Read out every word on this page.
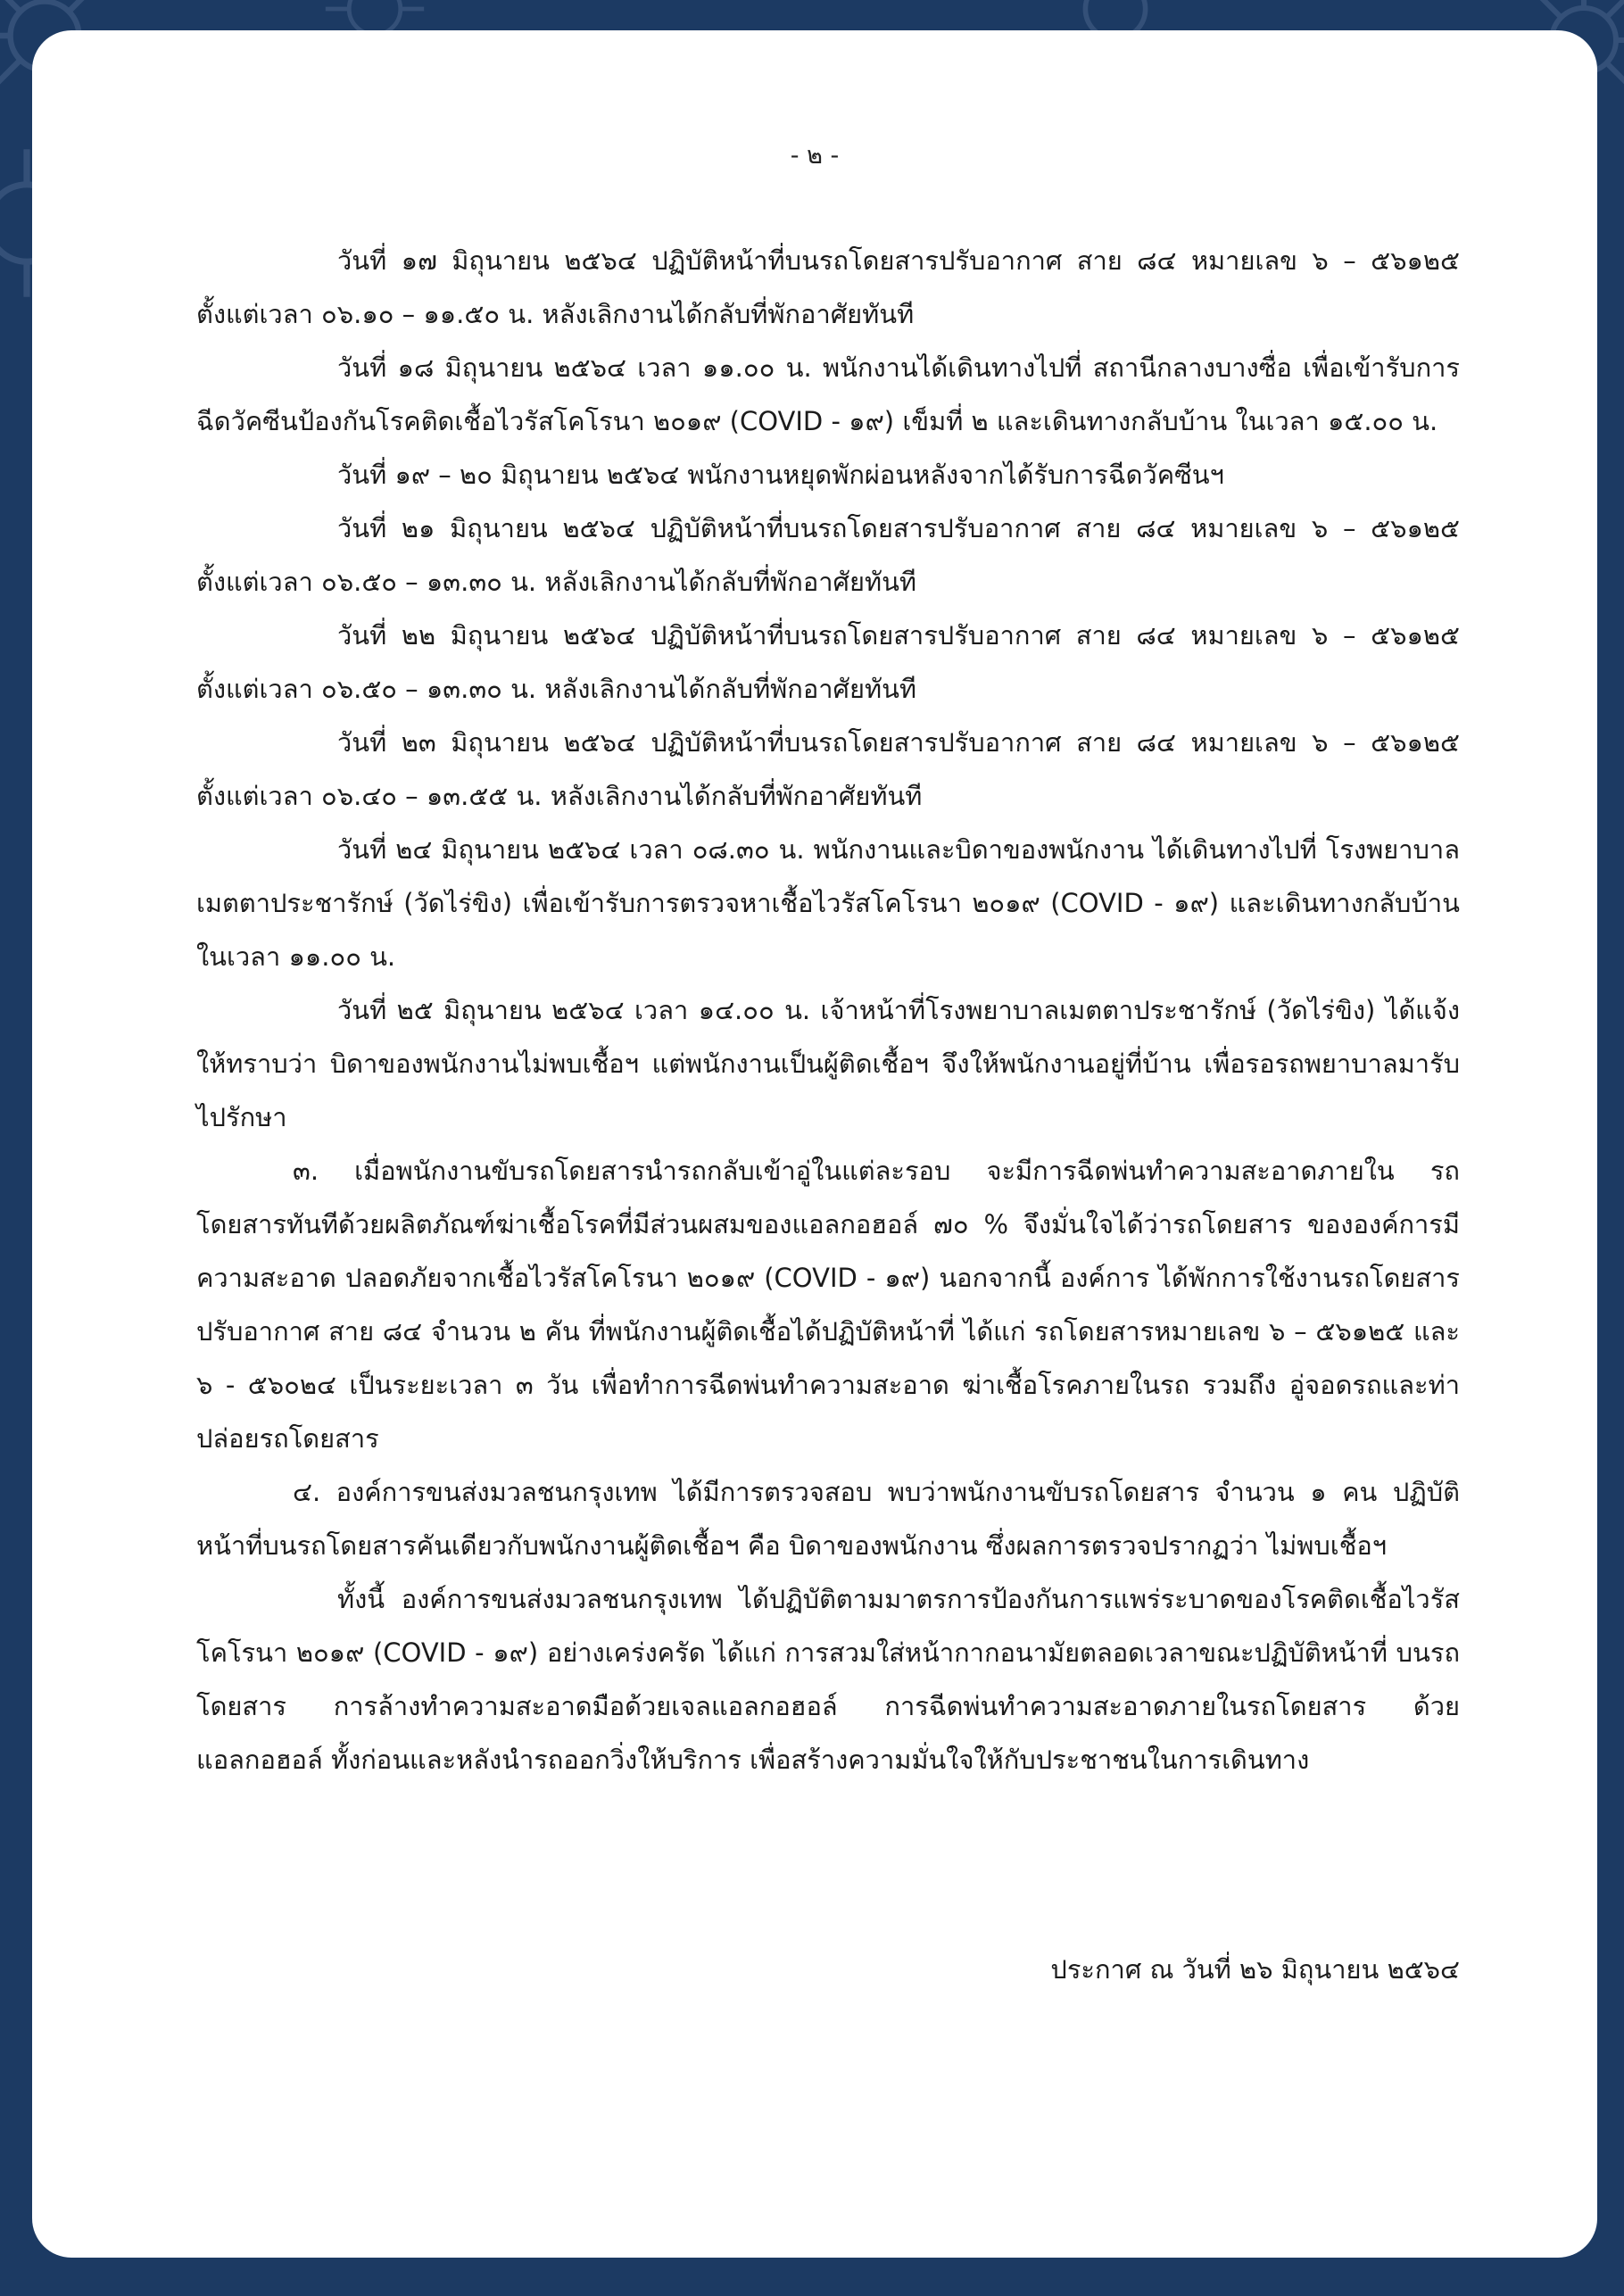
- ๒ -

วันที่ ๑๗ มิถุนายน ๒๕๖๔ ปฏิบัติหน้าที่บนรถโดยสารปรับอากาศ สาย ๘๔ หมายเลข ๖ – ๕๖๑๒๕ ตั้งแต่เวลา ๐๖.๑๐ – ๑๑.๕๐ น. หลังเลิกงานได้กลับที่พักอาศัยทันที

วันที่ ๑๘ มิถุนายน ๒๕๖๔ เวลา ๑๑.๐๐ น. พนักงานได้เดินทางไปที่ สถานีกลางบางซื่อ เพื่อเข้ารับการฉีดวัคซีนป้องกันโรคติดเชื้อไวรัสโคโรนา ๒๐๑๙ (COVID - ๑๙) เข็มที่ ๒ และเดินทางกลับบ้าน ในเวลา ๑๕.๐๐ น.

วันที่ ๑๙ – ๒๐ มิถุนายน ๒๕๖๔ พนักงานหยุดพักผ่อนหลังจากได้รับการฉีดวัคซีนฯ

วันที่ ๒๑ มิถุนายน ๒๕๖๔ ปฏิบัติหน้าที่บนรถโดยสารปรับอากาศ สาย ๘๔ หมายเลข ๖ – ๕๖๑๒๕ ตั้งแต่เวลา ๐๖.๕๐ – ๑๓.๓๐ น. หลังเลิกงานได้กลับที่พักอาศัยทันที

วันที่ ๒๒ มิถุนายน ๒๕๖๔ ปฏิบัติหน้าที่บนรถโดยสารปรับอากาศ สาย ๘๔ หมายเลข ๖ – ๕๖๑๒๕ ตั้งแต่เวลา ๐๖.๕๐ – ๑๓.๓๐ น. หลังเลิกงานได้กลับที่พักอาศัยทันที

วันที่ ๒๓ มิถุนายน ๒๕๖๔ ปฏิบัติหน้าที่บนรถโดยสารปรับอากาศ สาย ๘๔ หมายเลข ๖ – ๕๖๑๒๕ ตั้งแต่เวลา ๐๖.๔๐ – ๑๓.๕๕ น. หลังเลิกงานได้กลับที่พักอาศัยทันที

วันที่ ๒๔ มิถุนายน ๒๕๖๔ เวลา ๐๘.๓๐ น. พนักงานและบิดาของพนักงาน ได้เดินทางไปที่ โรงพยาบาลเมตตาประชารักษ์ (วัดไร่ขิง) เพื่อเข้ารับการตรวจหาเชื้อไวรัสโคโรนา ๒๐๑๙ (COVID - ๑๙) และเดินทางกลับบ้าน ในเวลา ๑๑.๐๐ น.

วันที่ ๒๕ มิถุนายน ๒๕๖๔ เวลา ๑๔.๐๐ น. เจ้าหน้าที่โรงพยาบาลเมตตาประชารักษ์ (วัดไร่ขิง) ได้แจ้งให้ทราบว่า บิดาของพนักงานไม่พบเชื้อฯ แต่พนักงานเป็นผู้ติดเชื้อฯ จึงให้พนักงานอยู่ที่บ้าน เพื่อรอรถพยาบาลมารับไปรักษา

๓. เมื่อพนักงานขับรถโดยสารนำรถกลับเข้าอู่ในแต่ละรอบ จะมีการฉีดพ่นทำความสะอาดภายใน รถโดยสารทันทีด้วยผลิตภัณฑ์ฆ่าเชื้อโรคที่มีส่วนผสมของแอลกอฮอล์ ๗๐ % จึงมั่นใจได้ว่ารถโดยสาร ขององค์การมีความสะอาด ปลอดภัยจากเชื้อไวรัสโคโรนา ๒๐๑๙ (COVID - ๑๙) นอกจากนี้ องค์การ ได้พักการใช้งานรถโดยสารปรับอากาศ สาย ๘๔ จำนวน ๒ คัน ที่พนักงานผู้ติดเชื้อได้ปฏิบัติหน้าที่ ได้แก่ รถโดยสารหมายเลข ๖ – ๕๖๑๒๕ และ ๖ - ๕๖๐๒๔ เป็นระยะเวลา ๓ วัน เพื่อทำการฉีดพ่นทำความสะอาด ฆ่าเชื้อโรคภายในรถ รวมถึง อู่จอดรถและท่าปล่อยรถโดยสาร

๔. องค์การขนส่งมวลชนกรุงเทพ ได้มีการตรวจสอบ พบว่าพนักงานขับรถโดยสาร จำนวน ๑ คน ปฏิบัติหน้าที่บนรถโดยสารคันเดียวกับพนักงานผู้ติดเชื้อฯ คือ บิดาของพนักงาน ซึ่งผลการตรวจปรากฏว่า ไม่พบเชื้อฯ

ทั้งนี้ องค์การขนส่งมวลชนกรุงเทพ ได้ปฏิบัติตามมาตรการป้องกันการแพร่ระบาดของโรคติดเชื้อไวรัส โคโรนา ๒๐๑๙ (COVID - ๑๙) อย่างเคร่งครัด ได้แก่ การสวมใส่หน้ากากอนามัยตลอดเวลาขณะปฏิบัติหน้าที่ บนรถโดยสาร การล้างทำความสะอาดมือด้วยเจลแอลกอฮอล์ การฉีดพ่นทำความสะอาดภายในรถโดยสาร ด้วยแอลกอฮอล์ ทั้งก่อนและหลังนำรถออกวิ่งให้บริการ เพื่อสร้างความมั่นใจให้กับประชาชนในการเดินทาง

ประกาศ ณ วันที่ ๒๖ มิถุนายน ๒๕๖๔
